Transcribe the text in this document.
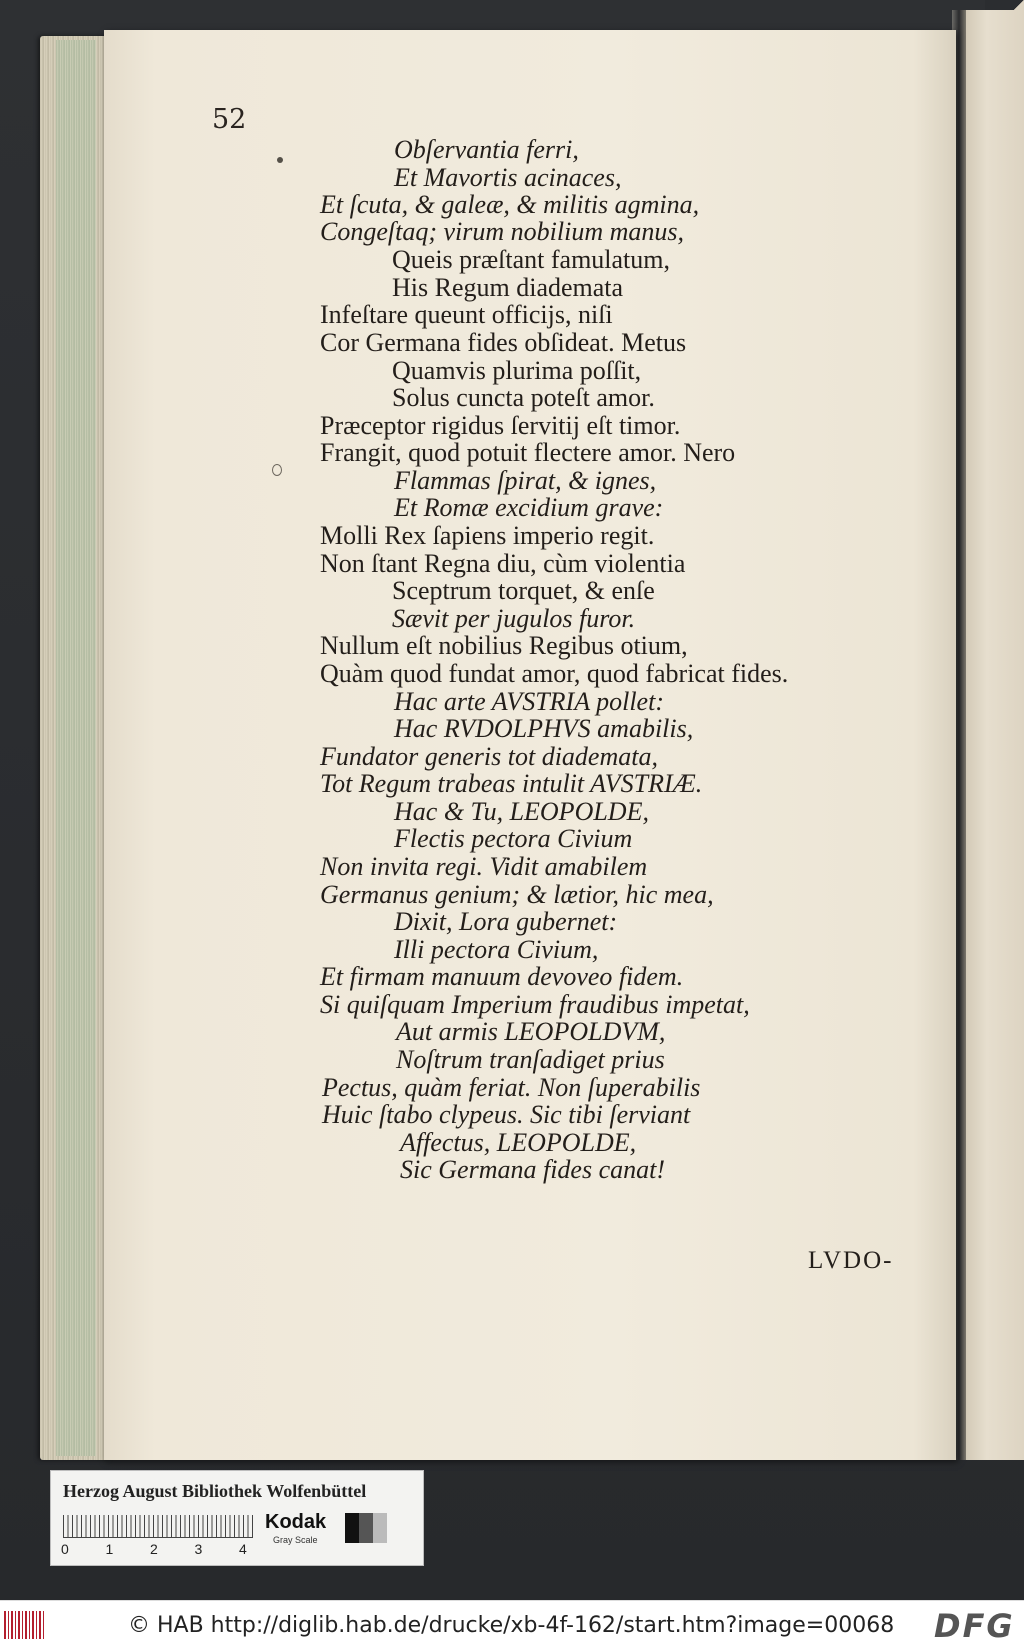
52
Obſervantia ferri,
Et Mavortis acinaces,
Et ſcuta, & galeæ, & militis agmina,
Congeſtaq; virum nobilium manus,
Queis præſtant famulatum,
His Regum diademata
Infeſtare queunt officijs, niſi
Cor Germana fides obſideat. Metus
Quamvis plurima poſſit,
Solus cuncta poteſt amor.
Præceptor rigidus ſervitij eſt timor.
Frangit, quod potuit flectere amor. Nero
Flammas ſpirat, & ignes,
Et Romæ excidium grave:
Molli Rex ſapiens imperio regit.
Non ſtant Regna diu, cùm violentia
Sceptrum torquet, & enſe
Sævit per jugulos furor.
Nullum eſt nobilius Regibus otium,
Quàm quod fundat amor, quod fabricat fides.
Hac arte AVSTRIA pollet:
Hac RVDOLPHVS amabilis,
Fundator generis tot diademata,
Tot Regum trabeas intulit AVSTRIÆ.
Hac & Tu, LEOPOLDE,
Flectis pectora Civium
Non invita regi. Vidit amabilem
Germanus genium; & lætior, hic mea,
Dixit, Lora gubernet:
Illi pectora Civium,
Et firmam manuum devoveo fidem.
Si quiſquam Imperium fraudibus impetat,
Aut armis LEOPOLDVM,
Noſtrum tranſadiget prius
Pectus, quàm feriat. Non ſuperabilis
Huic ſtabo clypeus. Sic tibi ſerviant
Affectus, LEOPOLDE,
Sic Germana fides canat!
LVDO-
Herzog August Bibliothek Wolfenbüttel
0	1	2	3	4
Kodak
Gray Scale
© HAB http://diglib.hab.de/drucke/xb-4f-162/start.htm?image=00068 DFG
